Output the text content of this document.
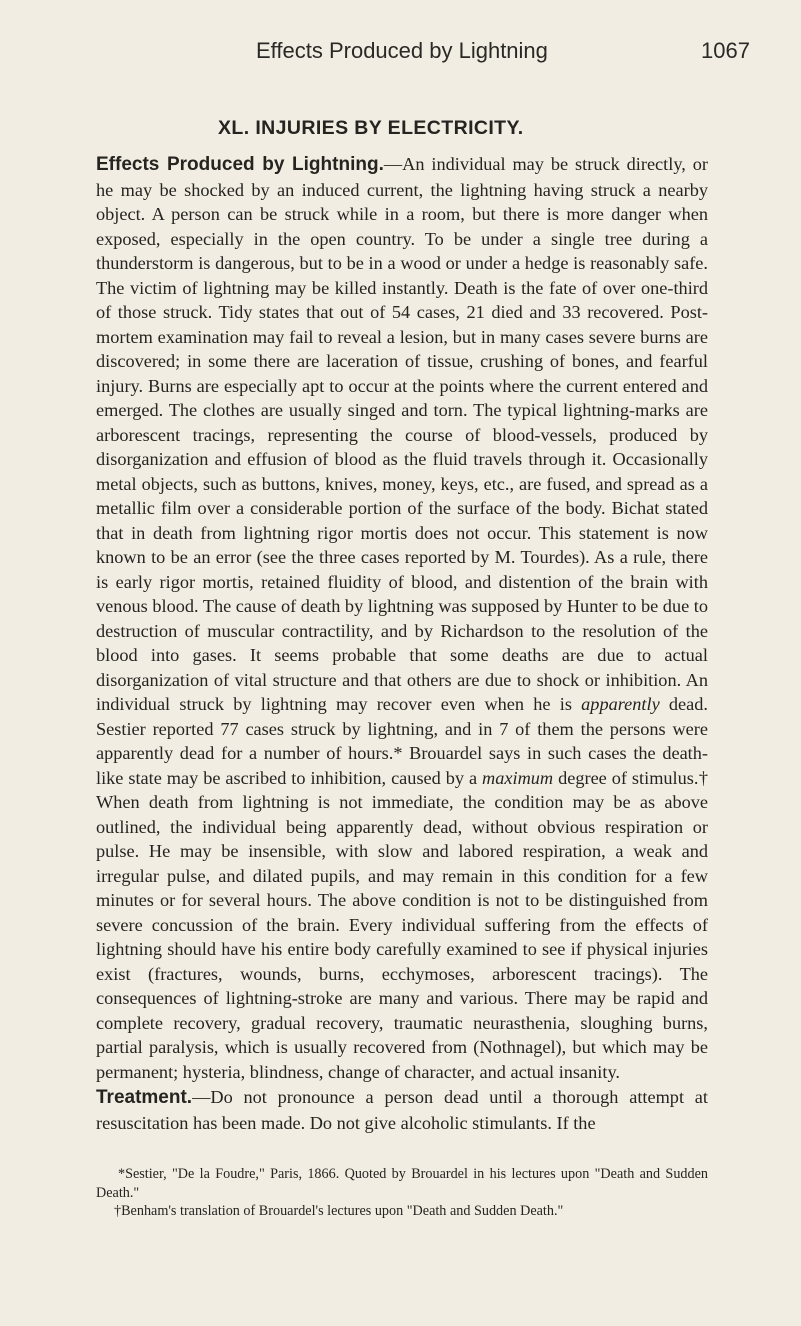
Effects Produced by Lightning	1067
XL. INJURIES BY ELECTRICITY.

Effects Produced by Lightning.—An individual may be struck directly, or he may be shocked by an induced current, the lightning having struck a nearby object. A person can be struck while in a room, but there is more danger when exposed, especially in the open country. To be under a single tree during a thunderstorm is dangerous, but to be in a wood or under a hedge is reasonably safe. The victim of lightning may be killed instantly. Death is the fate of over one-third of those struck. Tidy states that out of 54 cases, 21 died and 33 recovered. Post-mortem examination may fail to reveal a lesion, but in many cases severe burns are discovered; in some there are laceration of tissue, crushing of bones, and fearful injury. Burns are especially apt to occur at the points where the current entered and emerged. The clothes are usually singed and torn. The typical lightning-marks are arborescent tracings, representing the course of blood-vessels, produced by disorganization and effusion of blood as the fluid travels through it. Occasionally metal objects, such as buttons, knives, money, keys, etc., are fused, and spread as a metallic film over a considerable portion of the surface of the body. Bichat stated that in death from lightning rigor mortis does not occur. This statement is now known to be an error (see the three cases reported by M. Tourdes). As a rule, there is early rigor mortis, retained fluidity of blood, and distention of the brain with venous blood. The cause of death by lightning was supposed by Hunter to be due to destruction of muscular contractility, and by Richardson to the resolution of the blood into gases. It seems probable that some deaths are due to actual disorganization of vital structure and that others are due to shock or inhibition. An individual struck by lightning may recover even when he is apparently dead. Sestier reported 77 cases struck by lightning, and in 7 of them the persons were apparently dead for a number of hours.* Brouardel says in such cases the death-like state may be ascribed to inhibition, caused by a maximum degree of stimulus.† When death from lightning is not immediate, the condition may be as above outlined, the individual being apparently dead, without obvious respiration or pulse. He may be insensible, with slow and labored respiration, a weak and irregular pulse, and dilated pupils, and may remain in this condition for a few minutes or for several hours. The above condition is not to be distinguished from severe concussion of the brain. Every individual suffering from the effects of lightning should have his entire body carefully examined to see if physical injuries exist (fractures, wounds, burns, ecchymoses, arborescent tracings). The consequences of lightning-stroke are many and various. There may be rapid and complete recovery, gradual recovery, traumatic neurasthenia, sloughing burns, partial paralysis, which is usually recovered from (Nothnagel), but which may be permanent; hysteria, blindness, change of character, and actual insanity.

Treatment.—Do not pronounce a person dead until a thorough attempt at resuscitation has been made. Do not give alcoholic stimulants. If the

*Sestier, "De la Foudre," Paris, 1866. Quoted by Brouardel in his lectures upon "Death and Sudden Death."

†Benham's translation of Brouardel's lectures upon "Death and Sudden Death."
